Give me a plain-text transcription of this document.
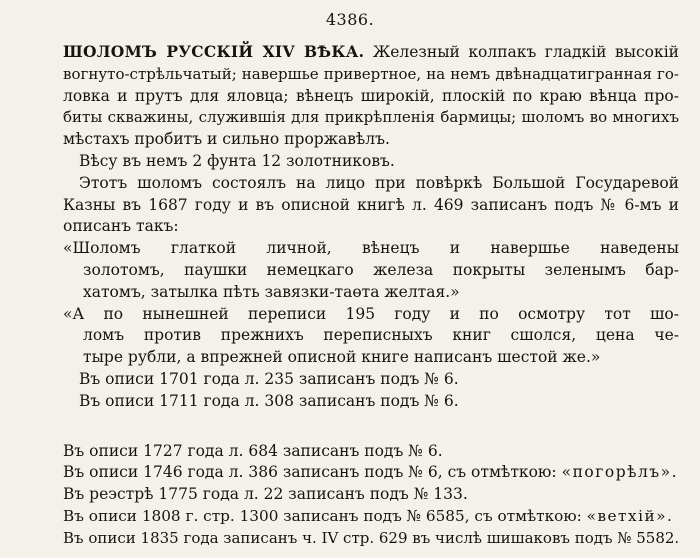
4386.
ШОЛОМЪ РУССКІЙ XIV ВѢКА. Железный колпакъ гладкій высокій
вогнуто-стрѣльчатый; навершье привертное, на немъ двѣнадцатигранная го-
ловка и прутъ для яловца; вѣнецъ широкій, плоскій по краю вѣнца про-
биты скважины, служившія для прикрѣпленія бармицы; шоломъ во многихъ
мѣстахъ пробитъ и сильно проржавѣлъ.
Вѣсу въ немъ 2 фунта 12 золотниковъ.
Этотъ шоломъ состоялъ на лицо при повѣркѣ Большой Государевой
Казны въ 1687 году и въ описной книгѣ л. 469 записанъ подъ № 6-мъ и
описанъ такъ:
«Шоломъ глаткой личной, вѣнецъ и навершье наведены
золотомъ, паушки немецкаго железа покрыты зеленымъ бар-
хатомъ, затылка пѣть завязки-таөта желтая.»
«А по нынешней переписи 195 году и по осмотру тот шо-
ломъ против прежнихъ переписныхъ книг сшолся, цена че-
тыре рубли, а впрежней описной книге написанъ шестой же.»
Въ описи 1701 года л. 235 записанъ подъ № 6.
Въ описи 1711 года л. 308 записанъ подъ № 6.
Въ описи 1727 года л. 684 записанъ подъ № 6.
Въ описи 1746 года л. 386 записанъ подъ № 6, съ отмѣткою: «погорѣлъ».
Въ реэстрѣ 1775 года л. 22 записанъ подъ № 133.
Въ описи 1808 г. стр. 1300 записанъ подъ № 6585, съ отмѣткою: «ветхій».
Въ описи 1835 года записанъ ч. IV стр. 629 въ числѣ шишаковъ подъ № 5582.
